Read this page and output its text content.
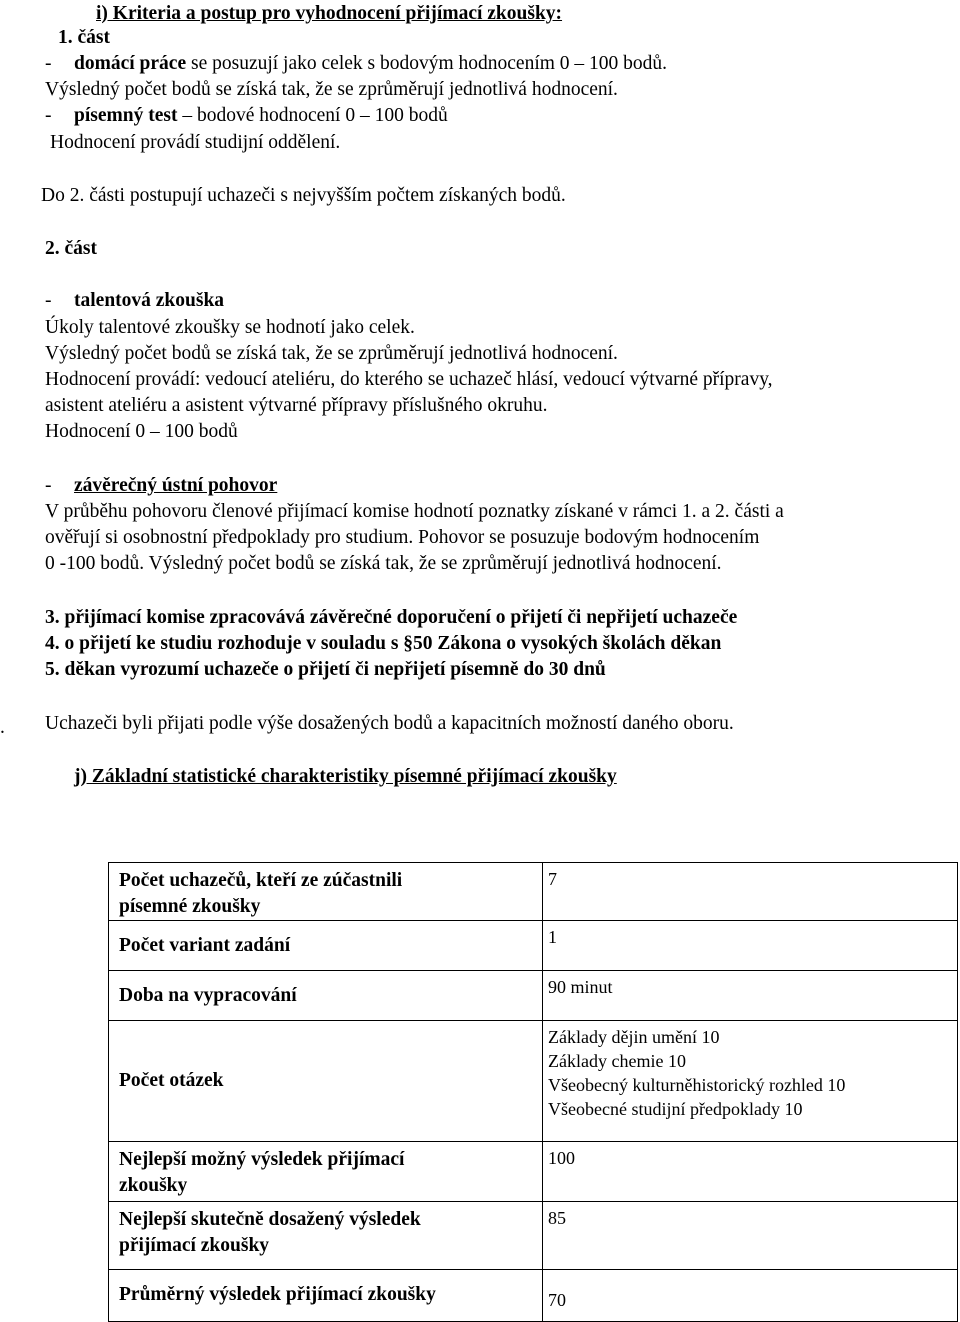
i) Kriteria a postup pro vyhodnocení přijímací zkoušky:
1. část
- domácí práce se posuzují jako celek s bodovým hodnocením 0 – 100 bodů.
Výsledný počet bodů se získá tak, že se zprůměrují jednotlivá hodnocení.
- písemný test – bodové hodnocení 0 – 100 bodů
Hodnocení provádí studijní oddělení.
Do 2. části postupují uchazeči s nejvyšším počtem získaných bodů.
2. část
- talentová zkouška
Úkoly talentové zkoušky se hodnotí jako celek.
Výsledný počet bodů se získá tak, že se zprůměrují jednotlivá hodnocení.
Hodnocení provádí: vedoucí ateliéru, do kterého se uchazeč hlásí, vedoucí výtvarné přípravy,
asistent ateliéru a asistent výtvarné přípravy příslušného okruhu.
Hodnocení 0 – 100 bodů
- závěrečný ústní pohovor
V průběhu pohovoru členové přijímací komise hodnotí poznatky získané v rámci 1. a 2. části a
ověřují si osobnostní předpoklady pro studium. Pohovor se posuzuje bodovým hodnocením
0 -100 bodů. Výsledný počet bodů se získá tak, že se zprůměrují jednotlivá hodnocení.
3. přijímací komise zpracovává závěrečné doporučení o přijetí či nepřijetí uchazeče
4. o přijetí ke studiu rozhoduje v souladu s §50 Zákona o vysokých školách děkan
5. děkan vyrozumí uchazeče o přijetí či nepřijetí písemně do 30 dnů
Uchazeči byli přijati podle výše dosažených bodů a kapacitních možností daného oboru.
.
j) Základní statistické charakteristiky písemné přijímací zkoušky
Počet uchazečů, kteří ze zúčastnili
písemné zkoušky	7

Počet variant zadání	1

Doba na vypracování	90 minut

Počet otázek	Základy dějin umění 10
Základy chemie 10
Všeobecný kulturněhistorický rozhled 10
Všeobecné studijní předpoklady 10

Nejlepší možný výsledek přijímací
zkoušky	100

Nejlepší skutečně dosažený výsledek
přijímací zkoušky	85

Průměrný výsledek přijímací zkoušky	70
